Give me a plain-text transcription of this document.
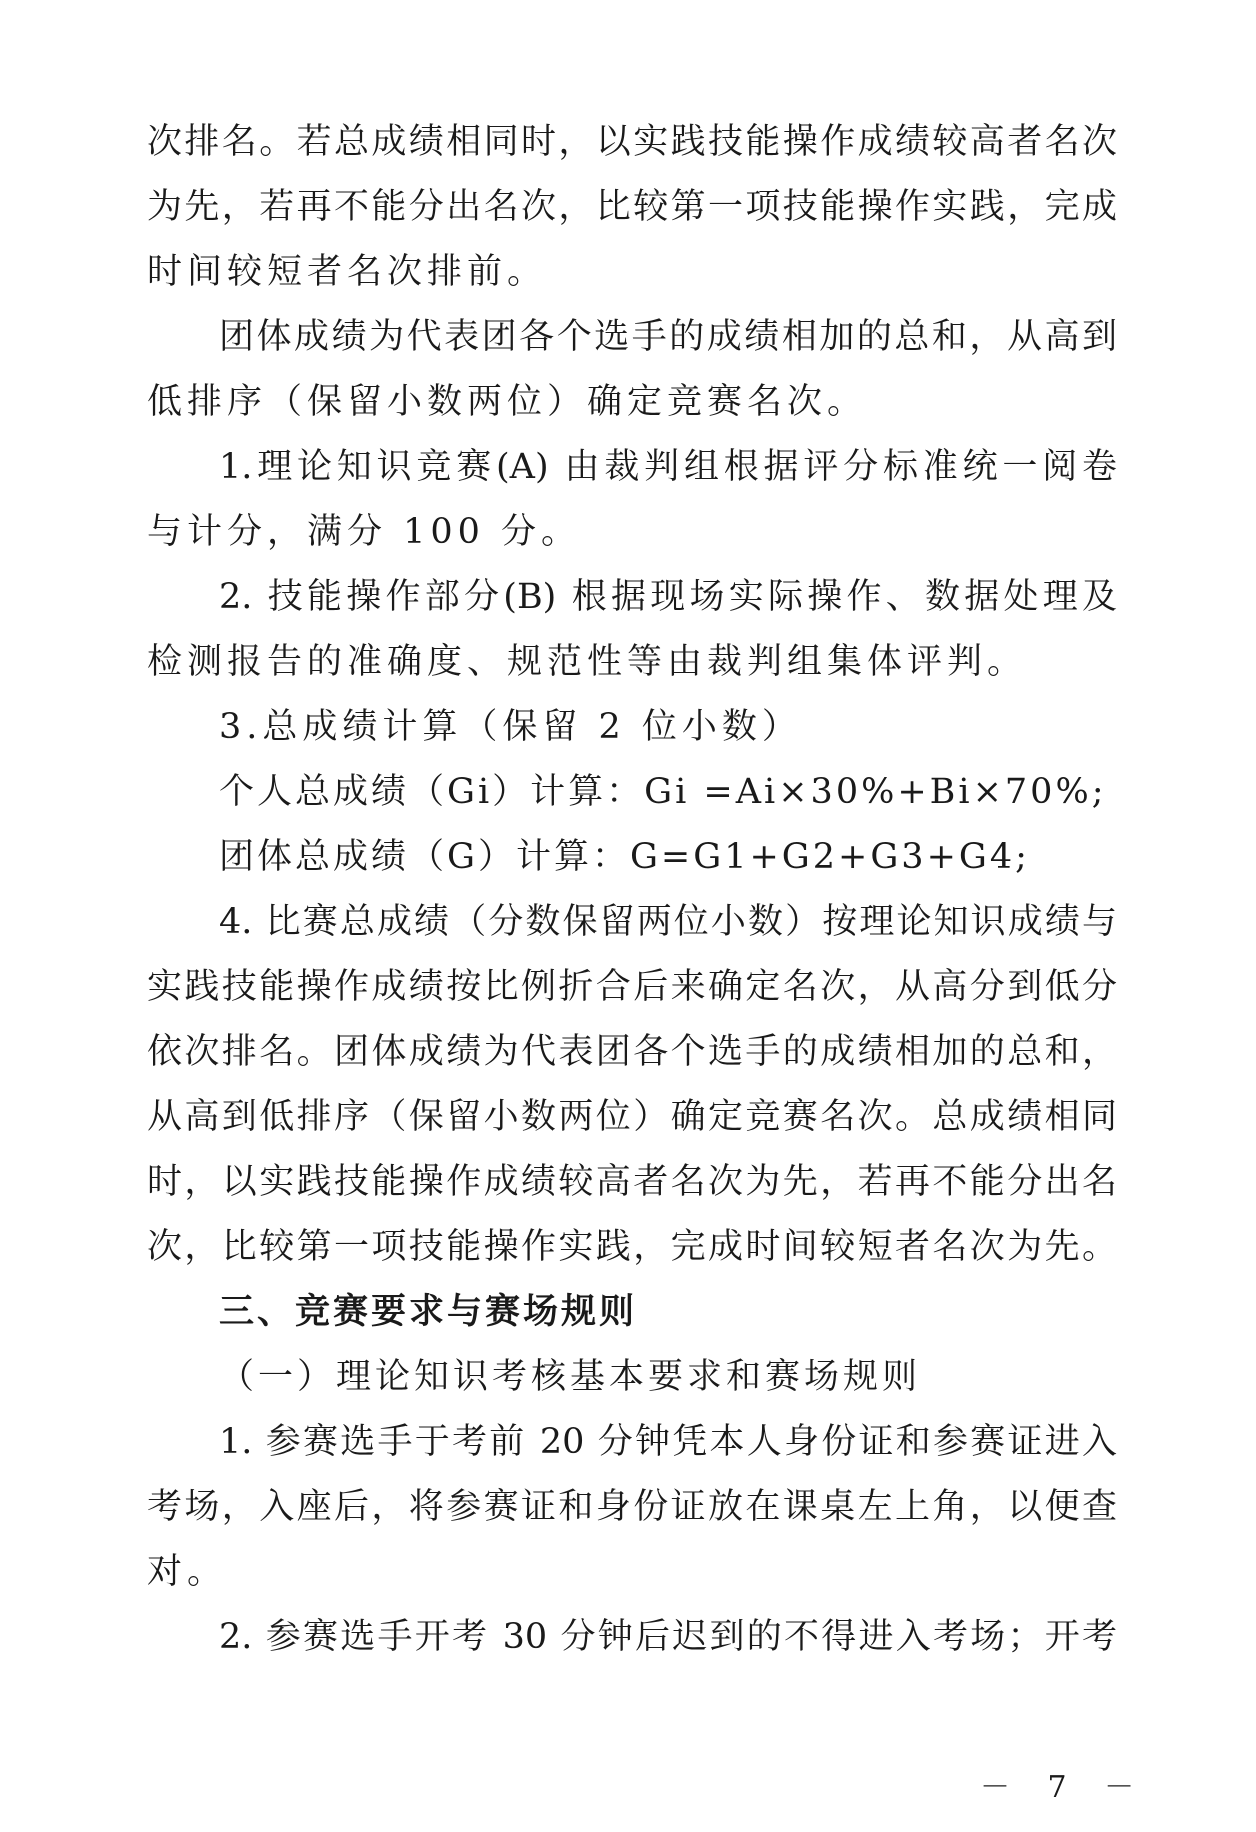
次排名。若总成绩相同时，以实践技能操作成绩较高者名次
为先，若再不能分出名次，比较第一项技能操作实践，完成
时间较短者名次排前。
团体成绩为代表团各个选手的成绩相加的总和，从高到
低排序（保留小数两位）确定竞赛名次。
1.理论知识竞赛(A) 由裁判组根据评分标准统一阅卷
与计分，满分 100 分。
2. 技能操作部分(B) 根据现场实际操作、数据处理及
检测报告的准确度、规范性等由裁判组集体评判。
3.总成绩计算（保留 2 位小数）
个人总成绩（Gi）计算：Gi =Ai×30%+Bi×70%;
团体总成绩（G）计算：G=G1+G2+G3+G4;
4. 比赛总成绩（分数保留两位小数）按理论知识成绩与
实践技能操作成绩按比例折合后来确定名次，从高分到低分
依次排名。团体成绩为代表团各个选手的成绩相加的总和，
从高到低排序（保留小数两位）确定竞赛名次。总成绩相同
时，以实践技能操作成绩较高者名次为先，若再不能分出名
次，比较第一项技能操作实践，完成时间较短者名次为先。
三、竞赛要求与赛场规则
（一）理论知识考核基本要求和赛场规则
1. 参赛选手于考前 20 分钟凭本人身份证和参赛证进入
考场，入座后，将参赛证和身份证放在课桌左上角，以便查
对。
2. 参赛选手开考 30 分钟后迟到的不得进入考场；开考
－ 7 －
